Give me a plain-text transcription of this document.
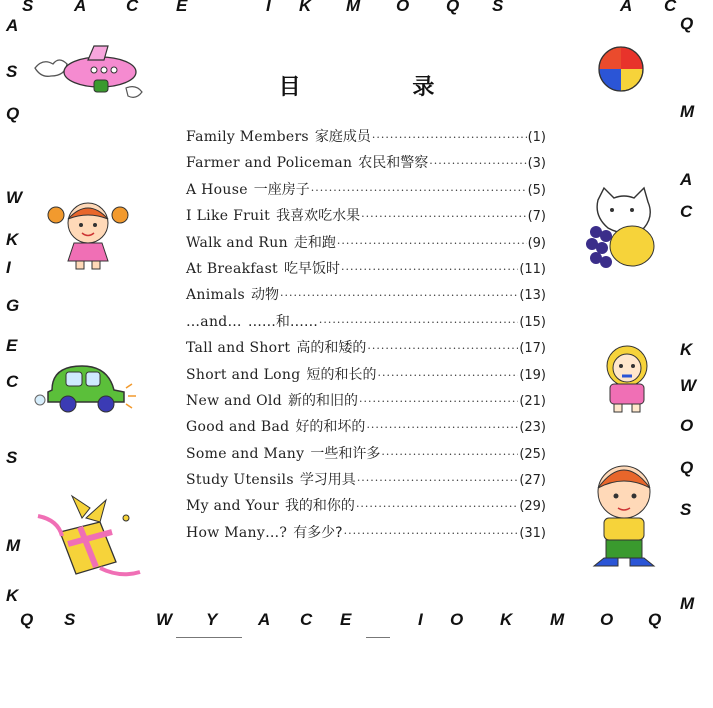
目 录
Family Members 家庭成员 ·····	(1)
Farmer and Policeman 农民和警察 ·····	(3)
A House 一座房子 ·····	(5)
I Like Fruit 我喜欢吃水果 ·····	(7)
Walk and Run 走和跑 ·····	(9)
At Breakfast 吃早饭时 ·····	(11)
Animals 动物 ·····	(13)
…and… ……和…… ·····	(15)
Tall and Short 高的和矮的 ·····	(17)
Short and Long 短的和长的 ·····	(19)
New and Old 新的和旧的 ·····	(21)
Good and Bad 好的和坏的 ·····	(23)
Some and Many 一些和许多 ·····	(25)
Study Utensils 学习用具 ·····	(27)
My and Your 我的和你的 ·····	(29)
How Many…? 有多少? ·····	(31)
S A C E	I K M O Q S	A C
A
S
Q
W
K
I
G
E
C
S
M
K
Q
M
A
C
K
W
O
Q
S
M
Q S	W Y A C E	I O K M O Q
